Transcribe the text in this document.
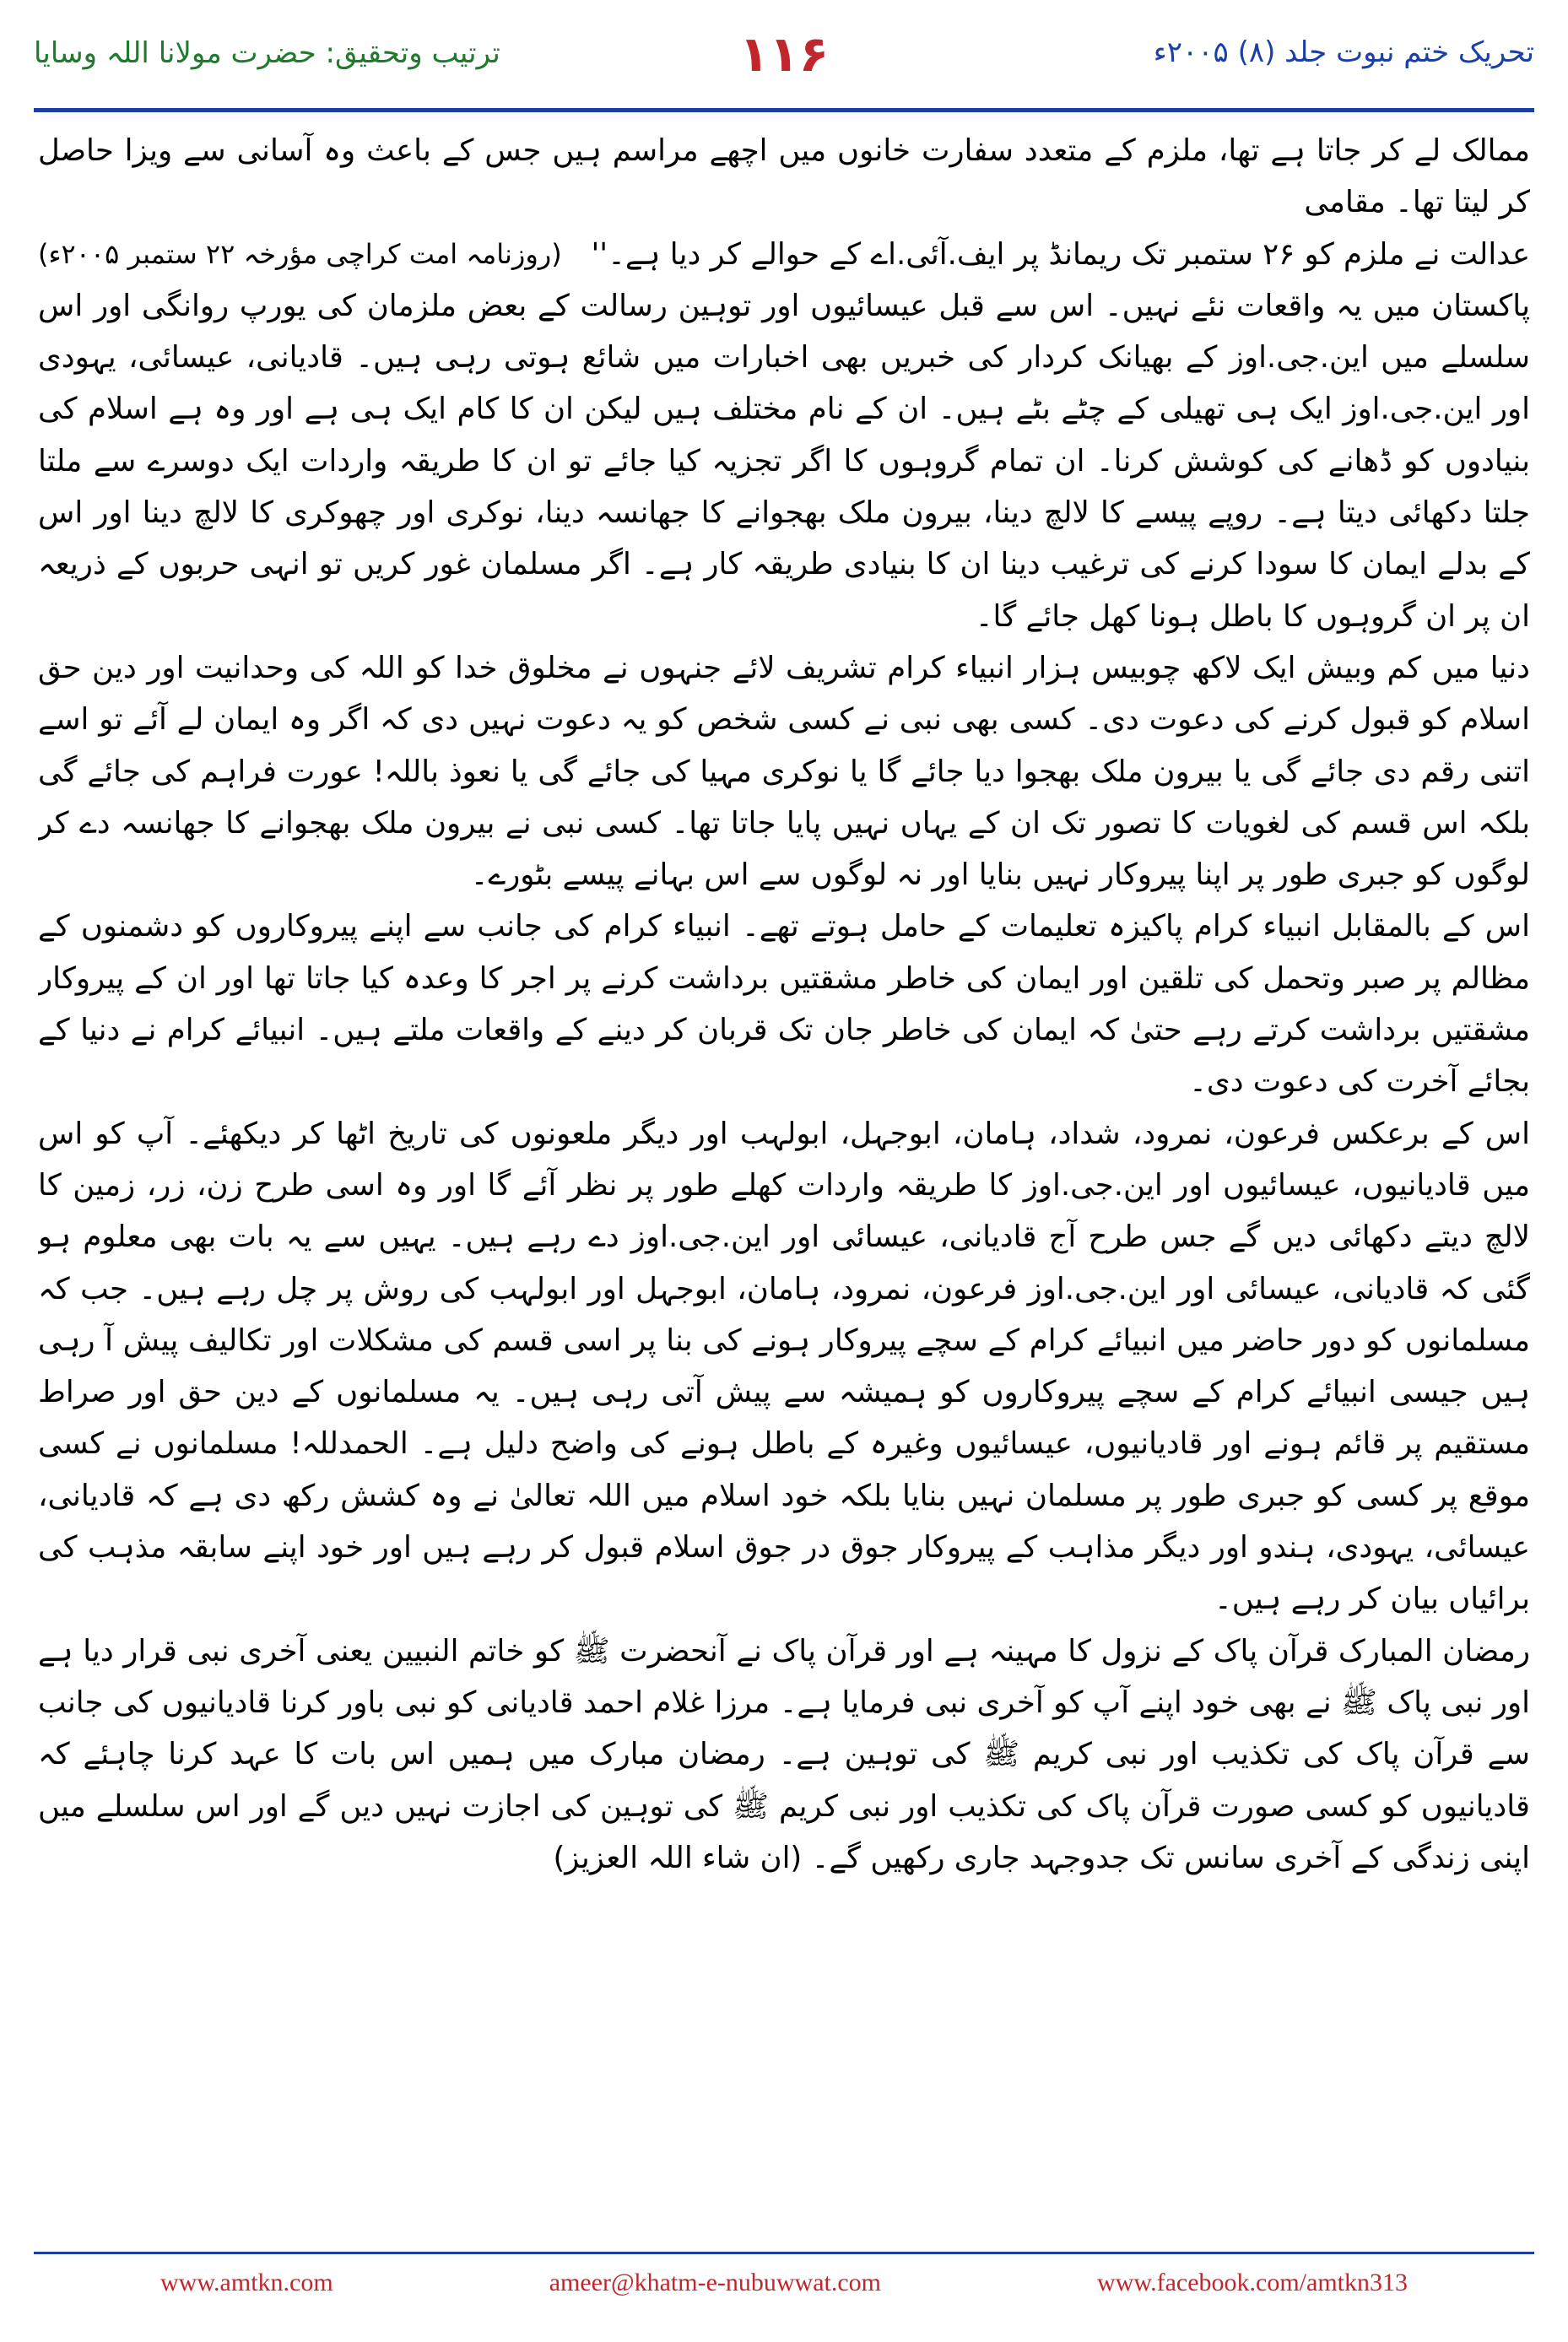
ترتیب وتحقیق: حضرت مولانا اللہ وسایا	۱۱۶	تحریک ختم نبوت جلد (۸) ۲۰۰۵ء

ممالک لے کر جاتا ہے تھا، ملزم کے متعدد سفارت خانوں میں اچھے مراسم ہیں جس کے باعث وہ آسانی سے ویزا حاصل کر لیتا تھا۔ مقامی

عدالت نے ملزم کو ۲۶ ستمبر تک ریمانڈ پر ایف.آئی.اے کے حوالے کر دیا ہے۔''
(روزنامہ امت کراچی مؤرخہ ۲۲ ستمبر ۲۰۰۵ء)

پاکستان میں یہ واقعات نئے نہیں۔ اس سے قبل عیسائیوں اور توہین رسالت کے بعض ملزمان کی یورپ روانگی اور اس سلسلے میں این.جی.اوز کے بھیانک کردار کی خبریں بھی اخبارات میں شائع ہوتی رہی ہیں۔ قادیانی، عیسائی، یہودی اور این.جی.اوز ایک ہی تھیلی کے چٹے بٹے ہیں۔ ان کے نام مختلف ہیں لیکن ان کا کام ایک ہی ہے اور وہ ہے اسلام کی بنیادوں کو ڈھانے کی کوشش کرنا۔ ان تمام گروہوں کا اگر تجزیہ کیا جائے تو ان کا طریقہ واردات ایک دوسرے سے ملتا جلتا دکھائی دیتا ہے۔ روپے پیسے کا لالچ دینا، بیرون ملک بھجوانے کا جھانسہ دینا، نوکری اور چھوکری کا لالچ دینا اور اس کے بدلے ایمان کا سودا کرنے کی ترغیب دینا ان کا بنیادی طریقہ کار ہے۔ اگر مسلمان غور کریں تو انہی حربوں کے ذریعہ ان پر ان گروہوں کا باطل ہونا کھل جائے گا۔

دنیا میں کم وبیش ایک لاکھ چوبیس ہزار انبیاء کرام تشریف لائے جنہوں نے مخلوق خدا کو اللہ کی وحدانیت اور دین حق اسلام کو قبول کرنے کی دعوت دی۔ کسی بھی نبی نے کسی شخص کو یہ دعوت نہیں دی کہ اگر وہ ایمان لے آئے تو اسے اتنی رقم دی جائے گی یا بیرون ملک بھجوا دیا جائے گا یا نوکری مہیا کی جائے گی یا نعوذ باللہ! عورت فراہم کی جائے گی بلکہ اس قسم کی لغویات کا تصور تک ان کے یہاں نہیں پایا جاتا تھا۔ کسی نبی نے بیرون ملک بھجوانے کا جھانسہ دے کر لوگوں کو جبری طور پر اپنا پیروکار نہیں بنایا اور نہ لوگوں سے اس بہانے پیسے بٹورے۔

اس کے بالمقابل انبیاء کرام پاکیزہ تعلیمات کے حامل ہوتے تھے۔ انبیاء کرام کی جانب سے اپنے پیروکاروں کو دشمنوں کے مظالم پر صبر وتحمل کی تلقین اور ایمان کی خاطر مشقتیں برداشت کرنے پر اجر کا وعدہ کیا جاتا تھا اور ان کے پیروکار مشقتیں برداشت کرتے رہے حتیٰ کہ ایمان کی خاطر جان تک قربان کر دینے کے واقعات ملتے ہیں۔ انبیائے کرام نے دنیا کے بجائے آخرت کی دعوت دی۔

اس کے برعکس فرعون، نمرود، شداد، ہامان، ابوجہل، ابولہب اور دیگر ملعونوں کی تاریخ اٹھا کر دیکھئے۔ آپ کو اس میں قادیانیوں، عیسائیوں اور این.جی.اوز کا طریقہ واردات کھلے طور پر نظر آئے گا اور وہ اسی طرح زن، زر، زمین کا لالچ دیتے دکھائی دیں گے جس طرح آج قادیانی، عیسائی اور این.جی.اوز دے رہے ہیں۔ یہیں سے یہ بات بھی معلوم ہو گئی کہ قادیانی، عیسائی اور این.جی.اوز فرعون، نمرود، ہامان، ابوجہل اور ابولہب کی روش پر چل رہے ہیں۔ جب کہ مسلمانوں کو دور حاضر میں انبیائے کرام کے سچے پیروکار ہونے کی بنا پر اسی قسم کی مشکلات اور تکالیف پیش آ رہی ہیں جیسی انبیائے کرام کے سچے پیروکاروں کو ہمیشہ سے پیش آتی رہی ہیں۔ یہ مسلمانوں کے دین حق اور صراط مستقیم پر قائم ہونے اور قادیانیوں، عیسائیوں وغیرہ کے باطل ہونے کی واضح دلیل ہے۔ الحمدللہ! مسلمانوں نے کسی موقع پر کسی کو جبری طور پر مسلمان نہیں بنایا بلکہ خود اسلام میں اللہ تعالیٰ نے وہ کشش رکھ دی ہے کہ قادیانی، عیسائی، یہودی، ہندو اور دیگر مذاہب کے پیروکار جوق در جوق اسلام قبول کر رہے ہیں اور خود اپنے سابقہ مذہب کی برائیاں بیان کر رہے ہیں۔

رمضان المبارک قرآن پاک کے نزول کا مہینہ ہے اور قرآن پاک نے آنحضرت ﷺ کو خاتم النبیین یعنی آخری نبی قرار دیا ہے اور نبی پاک ﷺ نے بھی خود اپنے آپ کو آخری نبی فرمایا ہے۔ مرزا غلام احمد قادیانی کو نبی باور کرنا قادیانیوں کی جانب سے قرآن پاک کی تکذیب اور نبی کریم ﷺ کی توہین ہے۔ رمضان مبارک میں ہمیں اس بات کا عہد کرنا چاہئے کہ قادیانیوں کو کسی صورت قرآن پاک کی تکذیب اور نبی کریم ﷺ کی توہین کی اجازت نہیں دیں گے اور اس سلسلے میں اپنی زندگی کے آخری سانس تک جدوجہد جاری رکھیں گے۔ (ان شاء اللہ العزیز)

www.amtkn.com	ameer@khatm-e-nubuwwat.com	www.facebook.com/amtkn313
